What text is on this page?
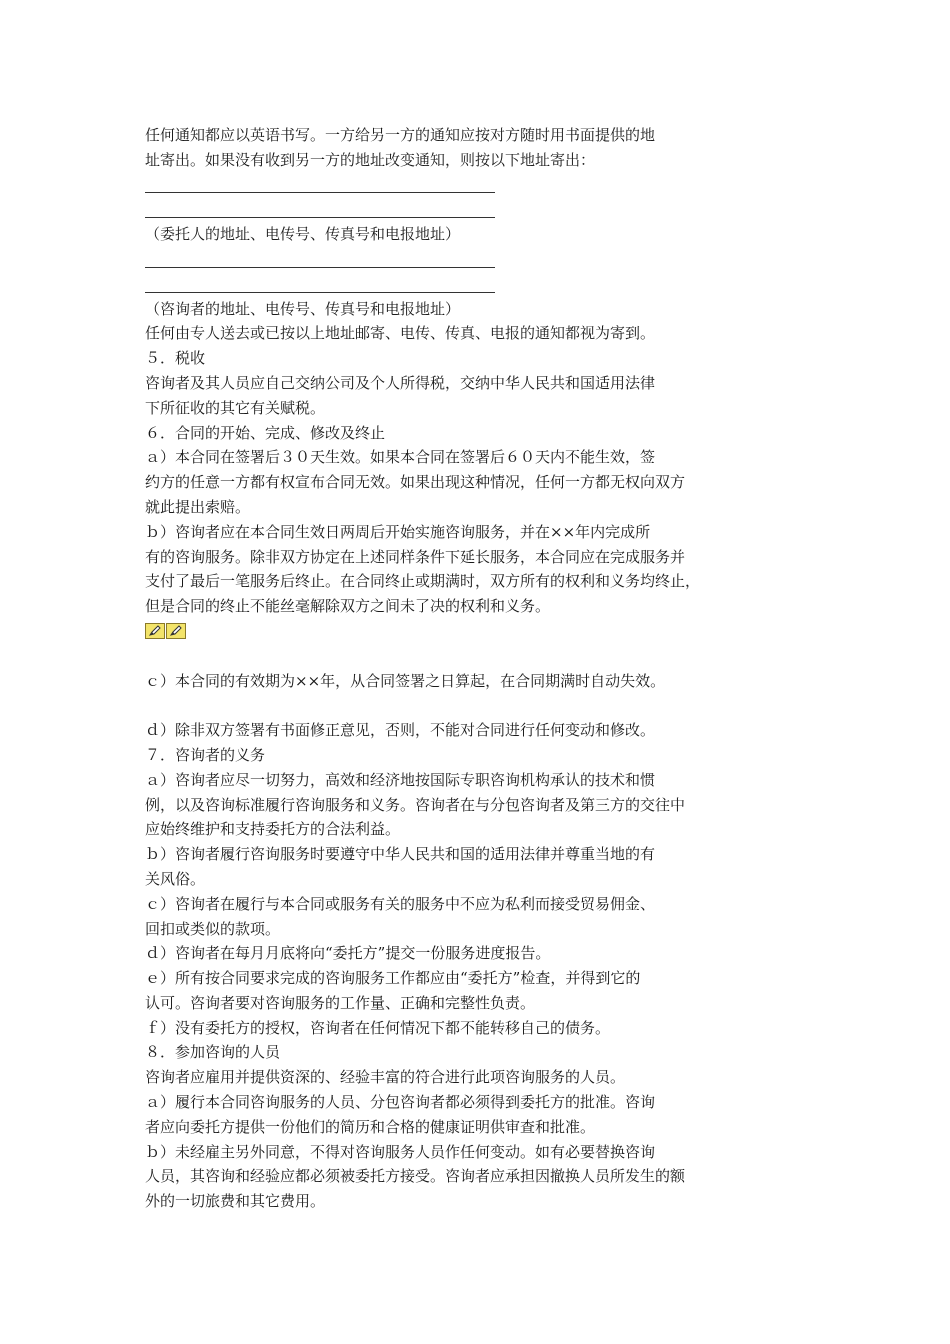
任何通知都应以英语书写。一方给另一方的通知应按对方随时用书面提供的地
址寄出。如果没有收到另一方的地址改变通知，则按以下地址寄出：
（委托人的地址、电传号、传真号和电报地址）
（咨询者的地址、电传号、传真号和电报地址）
任何由专人送去或已按以上地址邮寄、电传、传真、电报的通知都视为寄到。
５．税收
咨询者及其人员应自己交纳公司及个人所得税，交纳中华人民共和国适用法律
下所征收的其它有关赋税。
６．合同的开始、完成、修改及终止
ａ）本合同在签署后３０天生效。如果本合同在签署后６０天内不能生效，签
约方的任意一方都有权宣布合同无效。如果出现这种情况，任何一方都无权向双方
就此提出索赔。
ｂ）咨询者应在本合同生效日两周后开始实施咨询服务，并在××年内完成所
有的咨询服务。除非双方协定在上述同样条件下延长服务，本合同应在完成服务并
支付了最后一笔服务后终止。在合同终止或期满时，双方所有的权利和义务均终止，
但是合同的终止不能丝毫解除双方之间未了决的权利和义务。
ｃ）本合同的有效期为××年，从合同签署之日算起，在合同期满时自动失效。
ｄ）除非双方签署有书面修正意见，否则，不能对合同进行任何变动和修改。
７．咨询者的义务
ａ）咨询者应尽一切努力，高效和经济地按国际专职咨询机构承认的技术和惯
例，以及咨询标准履行咨询服务和义务。咨询者在与分包咨询者及第三方的交往中
应始终维护和支持委托方的合法利益。
ｂ）咨询者履行咨询服务时要遵守中华人民共和国的适用法律并尊重当地的有
关风俗。
ｃ）咨询者在履行与本合同或服务有关的服务中不应为私利而接受贸易佣金、
回扣或类似的款项。
ｄ）咨询者在每月月底将向“委托方”提交一份服务进度报告。
ｅ）所有按合同要求完成的咨询服务工作都应由“委托方”检查，并得到它的
认可。咨询者要对咨询服务的工作量、正确和完整性负责。
ｆ）没有委托方的授权，咨询者在任何情况下都不能转移自己的债务。
８．参加咨询的人员
咨询者应雇用并提供资深的、经验丰富的符合进行此项咨询服务的人员。
ａ）履行本合同咨询服务的人员、分包咨询者都必须得到委托方的批准。咨询
者应向委托方提供一份他们的简历和合格的健康证明供审查和批准。
ｂ）未经雇主另外同意，不得对咨询服务人员作任何变动。如有必要替换咨询
人员，其咨询和经验应都必须被委托方接受。咨询者应承担因撤换人员所发生的额
外的一切旅费和其它费用。
